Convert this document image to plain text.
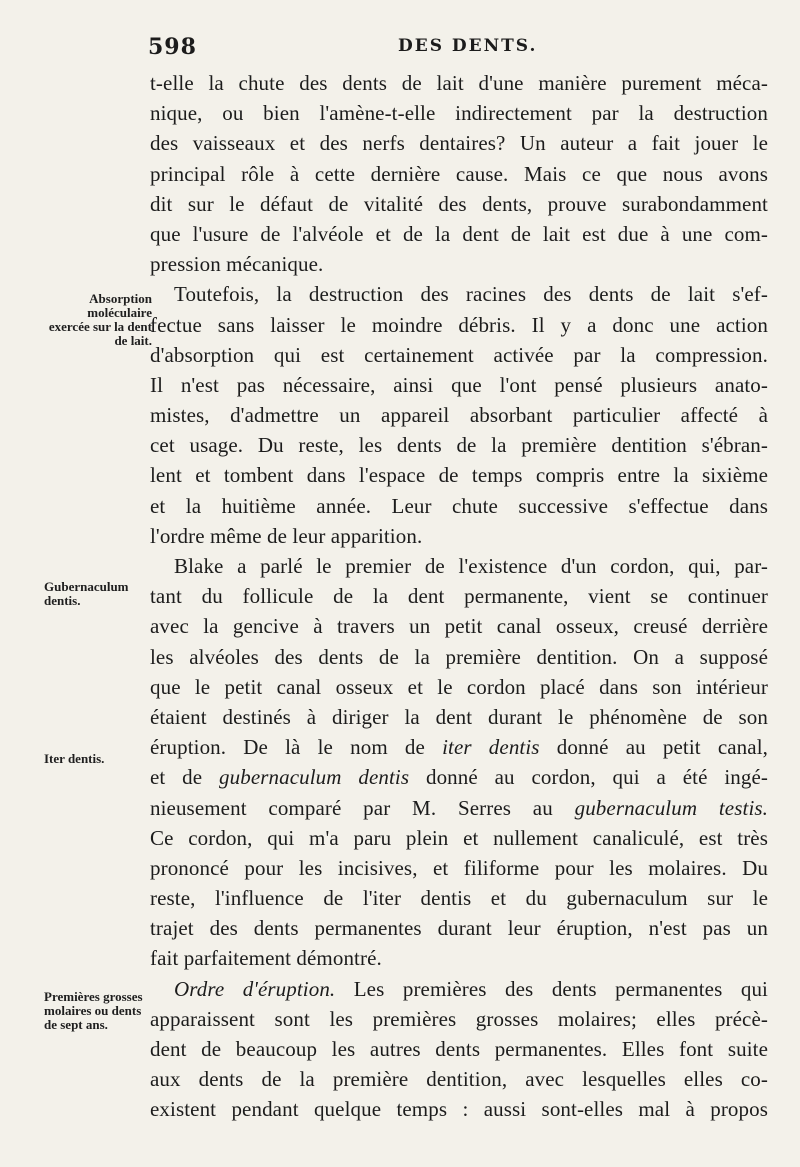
598	DES DENTS.
Absorption moléculaire exercée sur la dent de lait.
Gubernaculum dentis.
Iter dentis.
Premières grosses molaires ou dents de sept ans.
t-elle la chute des dents de lait d'une manière purement méca-
nique, ou bien l'amène-t-elle indirectement par la destruction
des vaisseaux et des nerfs dentaires? Un auteur a fait jouer le
principal rôle à cette dernière cause. Mais ce que nous avons
dit sur le défaut de vitalité des dents, prouve surabondamment
que l'usure de l'alvéole et de la dent de lait est due à une com-
pression mécanique.
Toutefois, la destruction des racines des dents de lait s'ef-
fectue sans laisser le moindre débris. Il y a donc une action
d'absorption qui est certainement activée par la compression.
Il n'est pas nécessaire, ainsi que l'ont pensé plusieurs anato-
mistes, d'admettre un appareil absorbant particulier affecté à
cet usage. Du reste, les dents de la première dentition s'ébran-
lent et tombent dans l'espace de temps compris entre la sixième
et la huitième année. Leur chute successive s'effectue dans
l'ordre même de leur apparition.
Blake a parlé le premier de l'existence d'un cordon, qui, par-
tant du follicule de la dent permanente, vient se continuer
avec la gencive à travers un petit canal osseux, creusé derrière
les alvéoles des dents de la première dentition. On a supposé
que le petit canal osseux et le cordon placé dans son intérieur
étaient destinés à diriger la dent durant le phénomène de son
éruption. De là le nom de iter dentis donné au petit canal,
et de gubernaculum dentis donné au cordon, qui a été ingé-
nieusement comparé par M. Serres au gubernaculum testis.
Ce cordon, qui m'a paru plein et nullement canaliculé, est très
prononcé pour les incisives, et filiforme pour les molaires. Du
reste, l'influence de l'iter dentis et du gubernaculum sur le
trajet des dents permanentes durant leur éruption, n'est pas un
fait parfaitement démontré.
Ordre d'éruption. Les premières des dents permanentes qui
apparaissent sont les premières grosses molaires; elles précè-
dent de beaucoup les autres dents permanentes. Elles font suite
aux dents de la première dentition, avec lesquelles elles co-
existent pendant quelque temps : aussi sont-elles mal à propos
